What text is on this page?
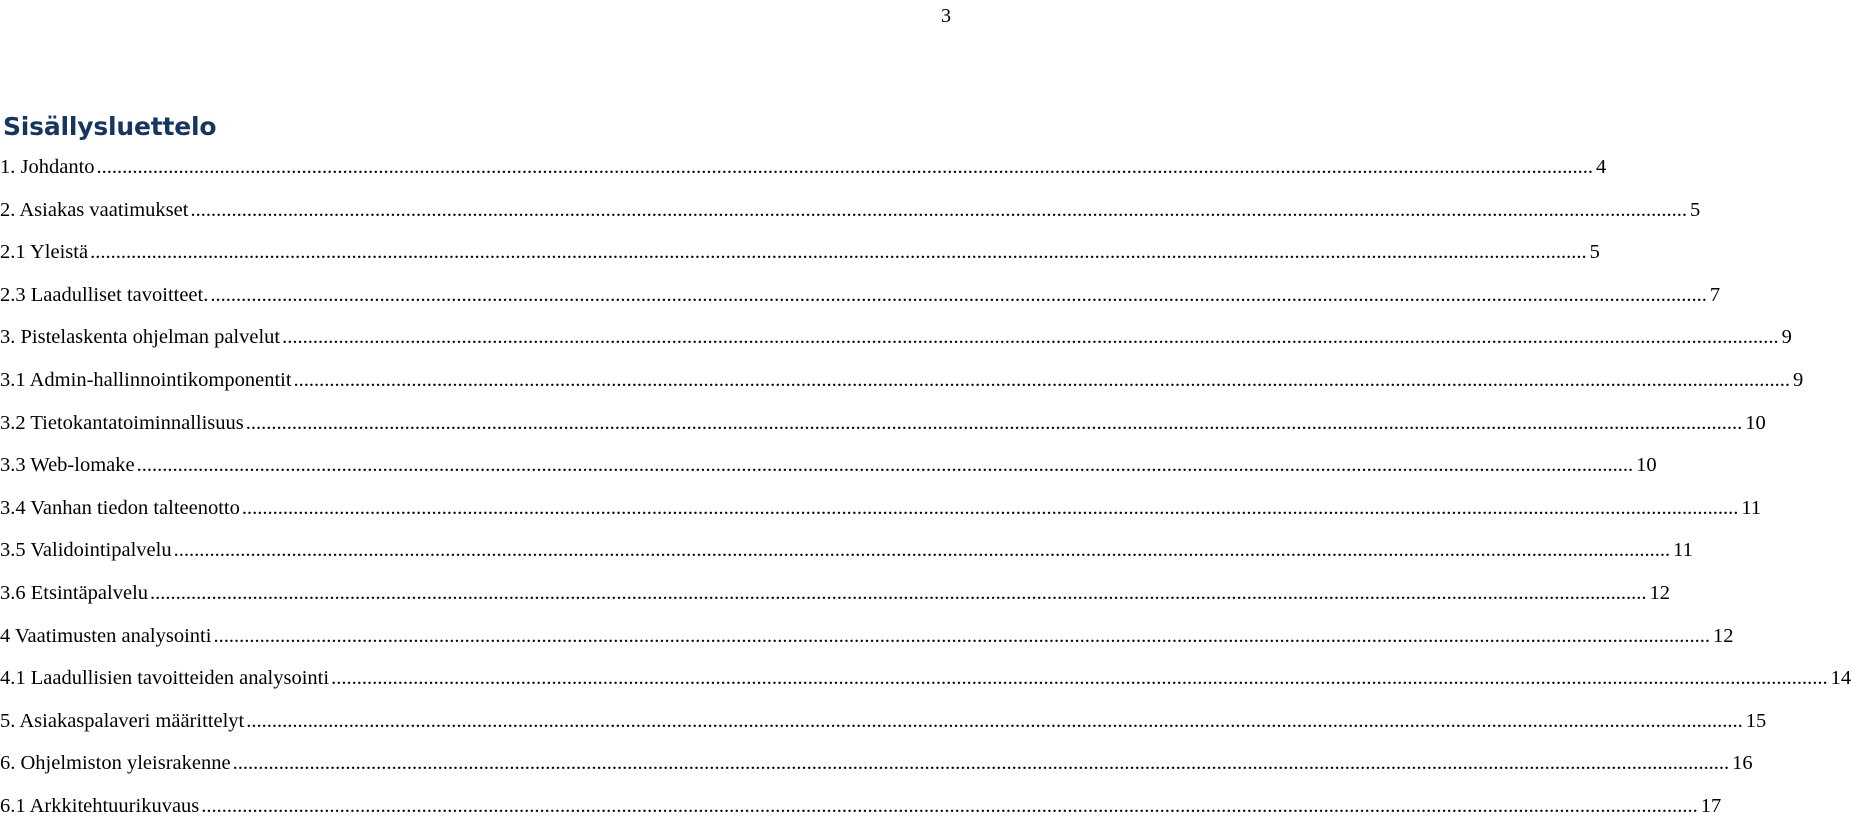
3
Sisällysluettelo
1. Johdanto .....	4
2. Asiakas vaatimukset .....	5
2.1 Yleistä .....	5
2.3 Laadulliset tavoitteet. .....	7
3. Pistelaskenta ohjelman palvelut .....	9
3.1 Admin-hallinnointikomponentit .....	9
3.2 Tietokantatoiminnallisuus .....	10
3.3 Web-lomake .....	10
3.4 Vanhan tiedon talteenotto .....	11
3.5 Validointipalvelu .....	11
3.6 Etsintäpalvelu .....	12
4 Vaatimusten analysointi .....	12
4.1 Laadullisien tavoitteiden analysointi .....	14
5. Asiakaspalaveri määrittelyt .....	15
6. Ohjelmiston yleisrakenne .....	16
6.1 Arkkitehtuurikuvaus .....	17
